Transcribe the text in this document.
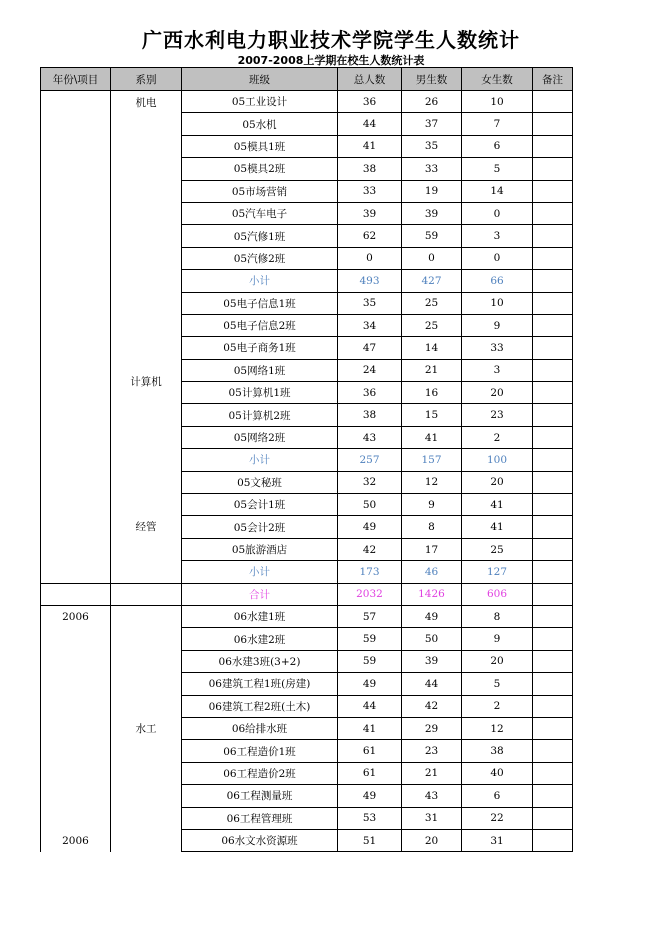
广西水利电力职业技术学院学生人数统计
2007-2008上学期在校生人数统计表
年份\项目	系别	班级	总人数	男生数	女生数	备注
	机电	05工业设计	36	26	10	
		05水机	44	37	7	
		05模具1班	41	35	6	
		05模具2班	38	33	5	
		05市场营销	33	19	14	
		05汽车电子	39	39	0	
		05汽修1班	62	59	3	
		05汽修2班	0	0	0	
		小计	493	427	66	
	计算机	05电子信息1班	35	25	10	
		05电子信息2班	34	25	9	
		05电子商务1班	47	14	33	
		05网络1班	24	21	3	
		05计算机1班	36	16	20	
		05计算机2班	38	15	23	
		05网络2班	43	41	2	
		小计	257	157	100	
	经管	05文秘班	32	12	20	
		05会计1班	50	9	41	
		05会计2班	49	8	41	
		05旅游酒店	42	17	25	
		小计	173	46	127	
		合计	2032	1426	606	
2006	水工	06水建1班	57	49	8	
		06水建2班	59	50	9	
		06水建3班(3+2)	59	39	20	
		06建筑工程1班(房建)	49	44	5	
		06建筑工程2班(土木)	44	42	2	
		06给排水班	41	29	12	
		06工程造价1班	61	23	38	
		06工程造价2班	61	21	40	
		06工程测量班	49	43	6	
		06工程管理班	53	31	22	
2006		06水文水资源班	51	20	31	
